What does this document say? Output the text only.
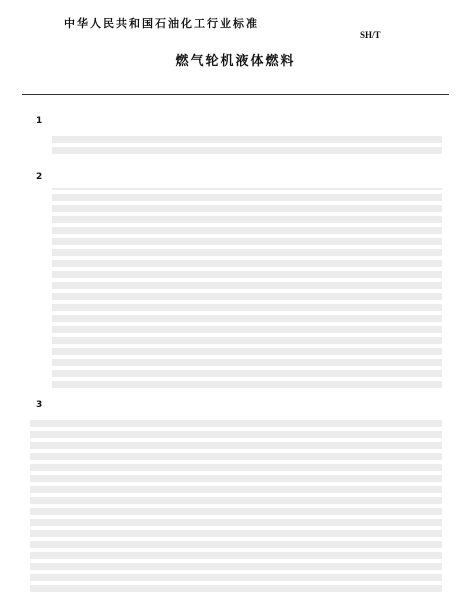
中华人民共和国石油化工行业标准
SH/T
燃气轮机液体燃料
1
2
3
